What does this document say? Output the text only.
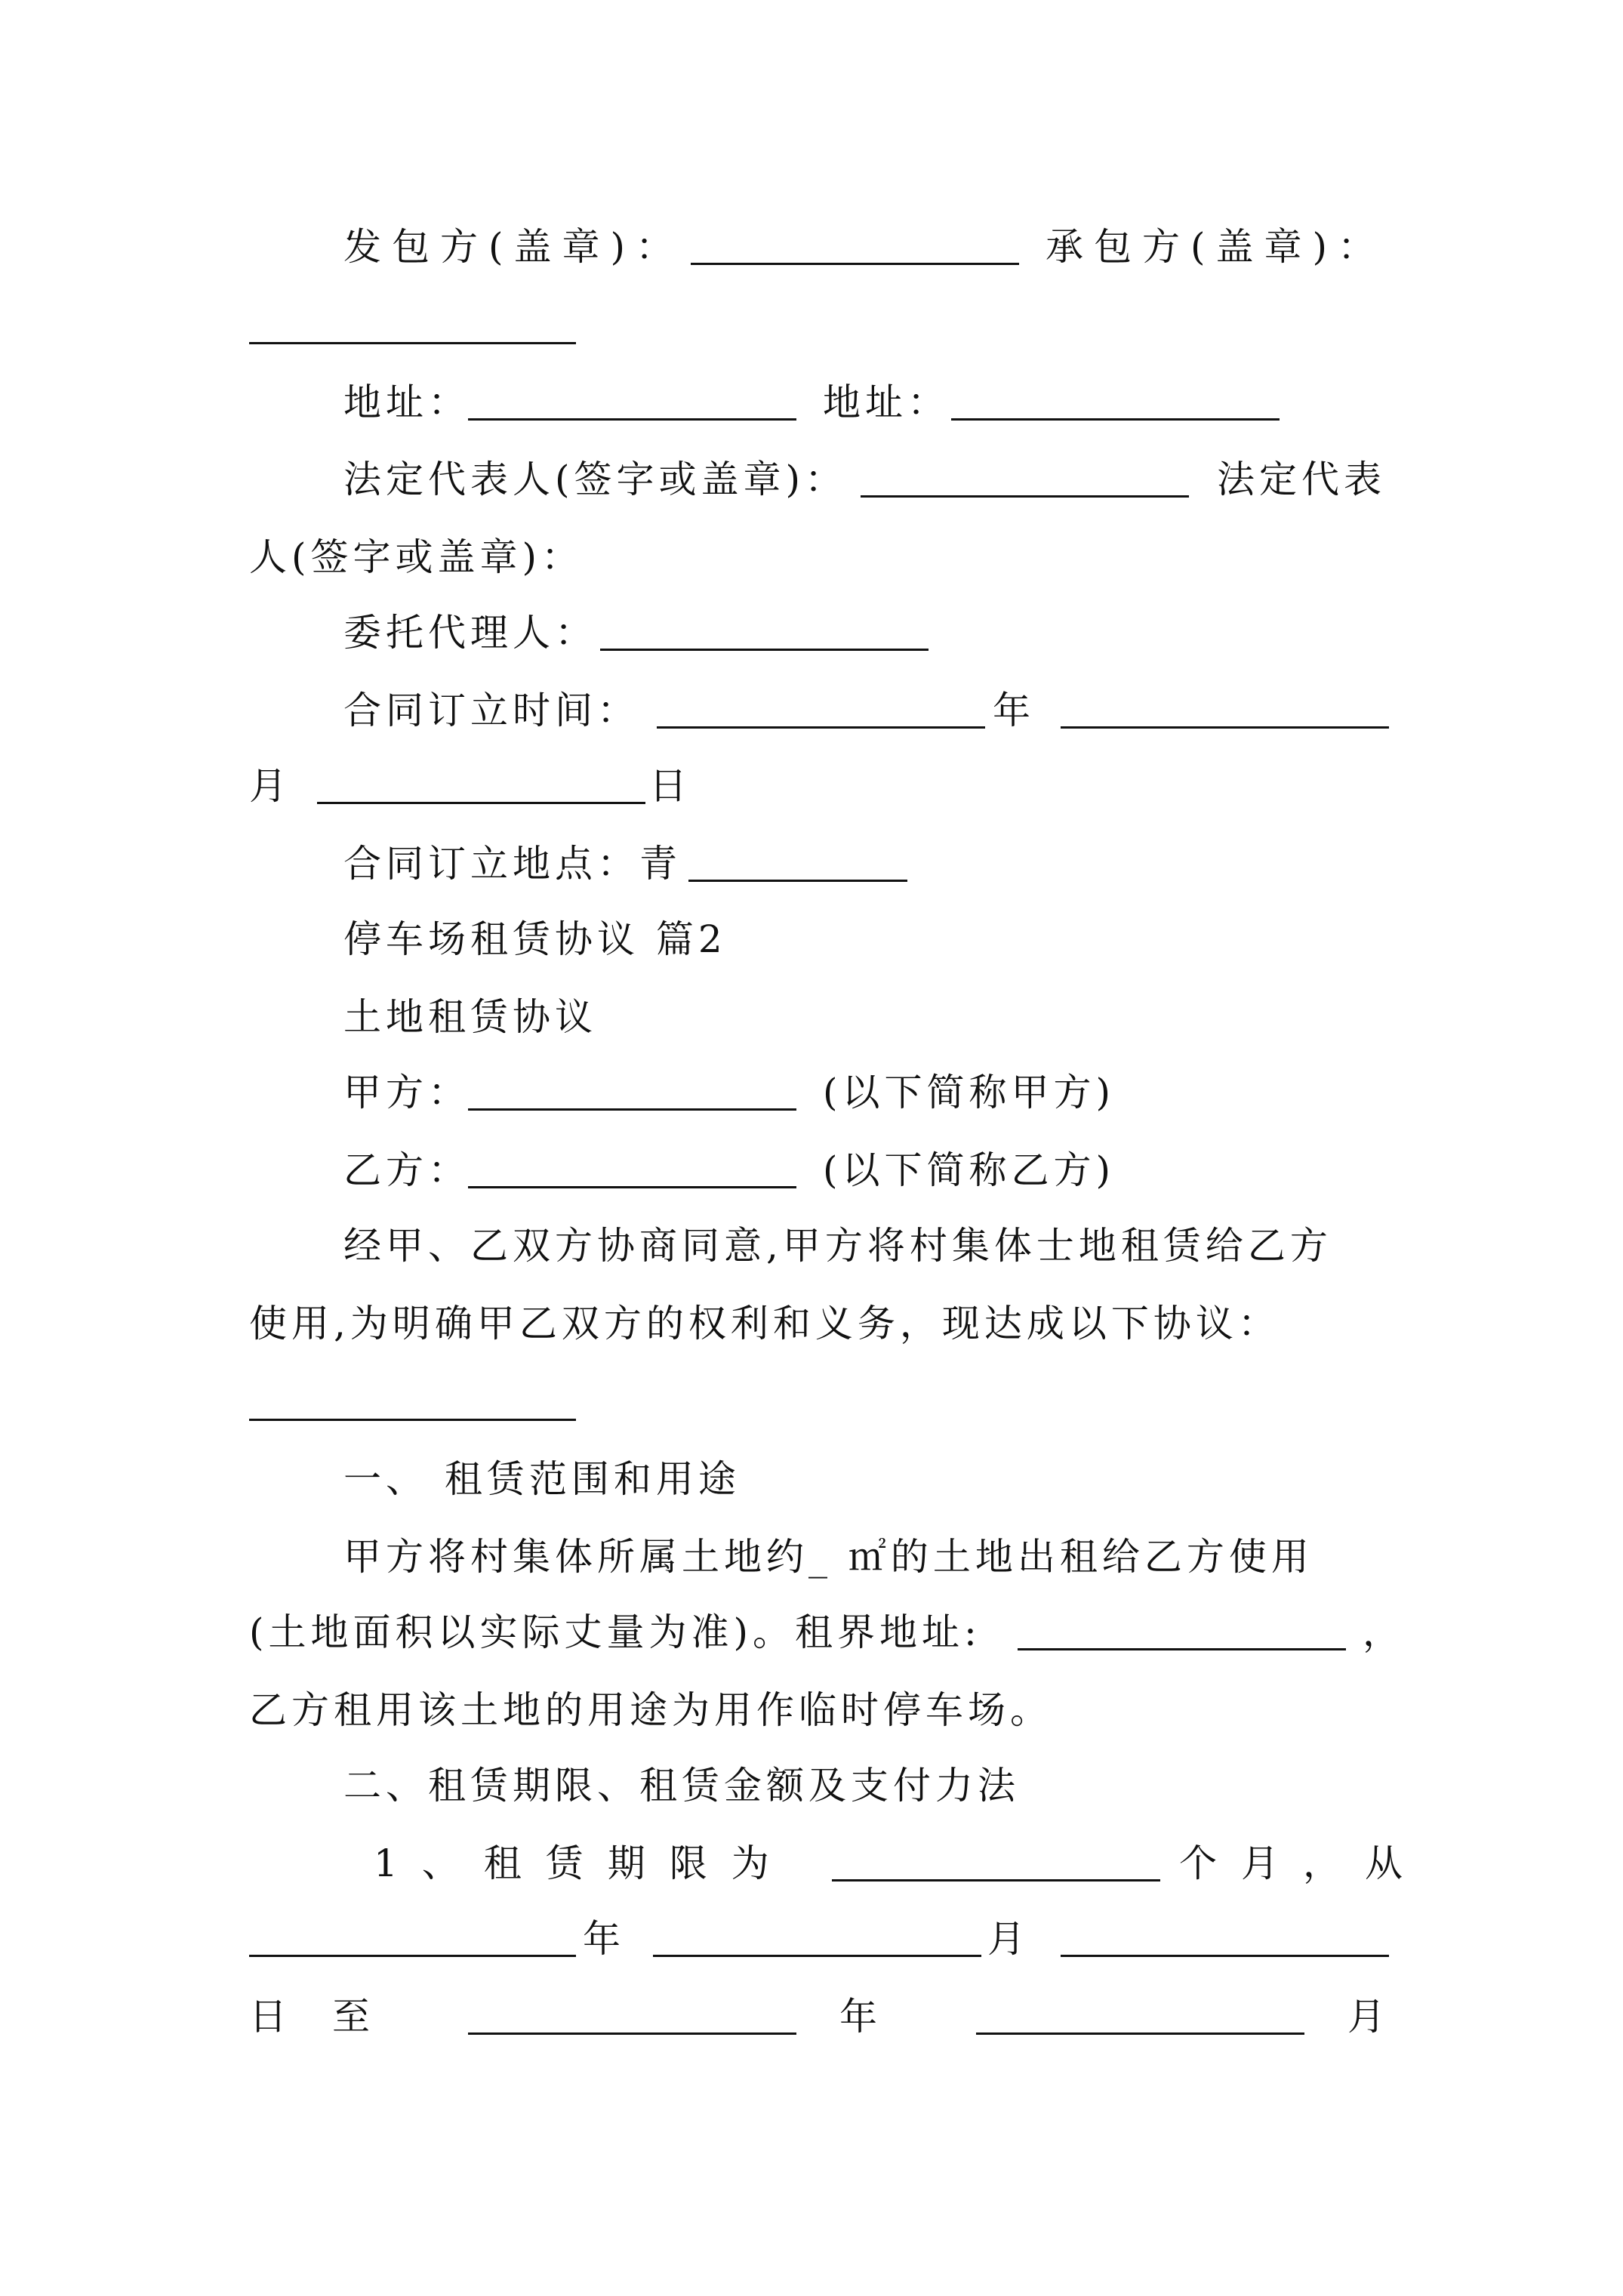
发包方(盖章)：	承包方(盖章)：
地址：	地址：
法定代表人(签字或盖章)：	法定代表
人(签字或盖章)：
委托代理人：
合同订立时间：	年
月	日
合同订立地点：青
停车场租赁协议 篇2
土地租赁协议
甲方：	(以下简称甲方)
乙方：	(以下简称乙方)
经甲、乙双方协商同意,甲方将村集体士地租赁给乙方
使用,为明确甲乙双方的权利和义务，现达成以下协议：
一、 租赁范围和用途
甲方将村集体所属土地约_ ㎡的土地出租给乙方使用
(土地面积以实际丈量为准)。租界地址:	，
乙方租用该土地的用途为用作临时停车场。
二、租赁期限、租赁金额及支付力法
1、租赁期限为	个月，从
年	月
日 至	年	月
